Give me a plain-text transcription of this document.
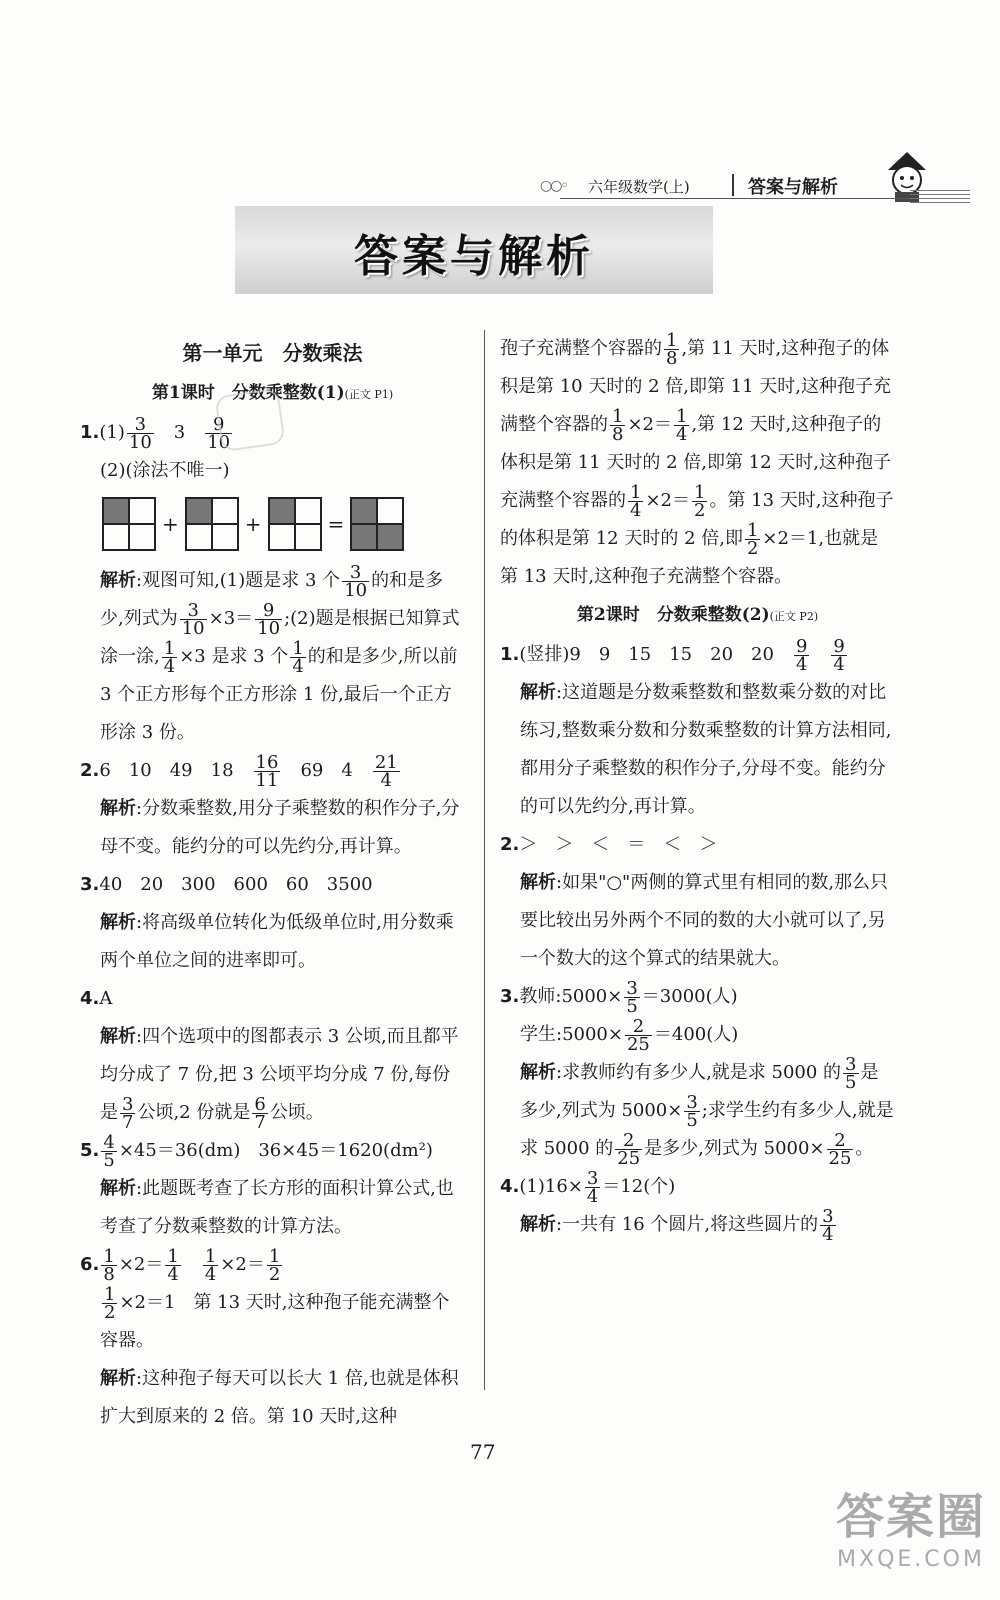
○○◦ 六年级数学(上)	答案与解析
答案与解析

第一单元　分数乘法

第1课时　分数乘整数(1)(正文 P1)

$1.(1) \frac{3}{10}$ 　3　 $\frac{9}{10}$

(2)(涂法不唯一)

+	+	=

解析:观图可知,(1)题是求 3 个 $\frac{3}{10}$ 的和是多少,列式为 $\frac{3}{10} \times 3= \frac{9}{10}$ ;(2)题是根据已知算式涂一涂, $\frac{1}{4} \times 3$ 是求 3 个 $\frac{1}{4}$ 的和是多少,所以前 3 个正方形每个正方形涂 1 份,最后一个正方形涂 3 份。

2.6　10　49　18　 $\frac{16}{11}$ 　69　4　 $\frac{21}{4}$

解析:分数乘整数,用分子乘整数的积作分子,分母不变。能约分的可以先约分,再计算。

3.40　20　300　600　60　3500

解析:将高级单位转化为低级单位时,用分数乘两个单位之间的进率即可。

4.A

解析:四个选项中的图都表示 3 公顷,而且都平均分成了 7 份,把 3 公顷平均分成 7 份,每份是 $\frac{3}{7}$ 公顷,2 份就是 $\frac{6}{7}$ 公顷。

5. $\frac{4}{5} \times 45=36(dm)$　36×45＝1620(dm²)

解析:此题既考查了长方形的面积计算公式,也考查了分数乘整数的计算方法。

6. $\frac{1}{8} \times 2= \frac{1}{4}$
　 $\frac{1}{4} \times 2= \frac{1}{2}$

$\frac{1}{2} \times 2=1$　第 13 天时,这种孢子能充满整个容器。

解析:这种孢子每天可以长大 1 倍,也就是体积扩大到原来的 2 倍。第 10 天时,这种

孢子充满整个容器的 $\frac{1}{8}$ ,第 11 天时,这种孢子的体积是第 10 天时的 2 倍,即第 11 天时,这种孢子充满整个容器的 $\frac{1}{8} \times 2= \frac{1}{4}$ ,第 12 天时,这种孢子的体积是第 11 天时的 2 倍,即第 12 天时,这种孢子充满整个容器的 $\frac{1}{4} \times 2= \frac{1}{2}$ 。第 13 天时,这种孢子的体积是第 12 天时的 2 倍,即 $\frac{1}{2} \times 2=1$,也就是第 13 天时,这种孢子充满整个容器。

第2课时　分数乘整数(2)(正文 P2)

1.(竖排)9　9　15　15　20　20　 $\frac{9}{4}$
　 $\frac{9}{4}$

解析:这道题是分数乘整数和整数乘分数的对比练习,整数乘分数和分数乘整数的计算方法相同,都用分子乘整数的积作分子,分母不变。能约分的可以先约分,再计算。

2.＞　＞　＜　＝　＜　＞

解析:如果"○"两侧的算式里有相同的数,那么只要比较出另外两个不同的数的大小就可以了,另一个数大的这个算式的结果就大。

3.教师:5000× $\frac{3}{5} =3000$(人)

学生:5000× $\frac{2}{25} =400$(人)

解析:求教师约有多少人,就是求 5000 的 $\frac{3}{5}$ 是多少,列式为 $5000\times \frac{3}{5}$ ;求学生约有多少人,就是求 5000 的 $\frac{2}{25}$ 是多少,列式为 $5000\times \frac{2}{25}$ 。

$4.(1)16\times \frac{3}{4} =12$(个)

解析:一共有 16 个圆片,将这些圆片的 $\frac{3}{4}$

77
答案圈
MXQE.COM
